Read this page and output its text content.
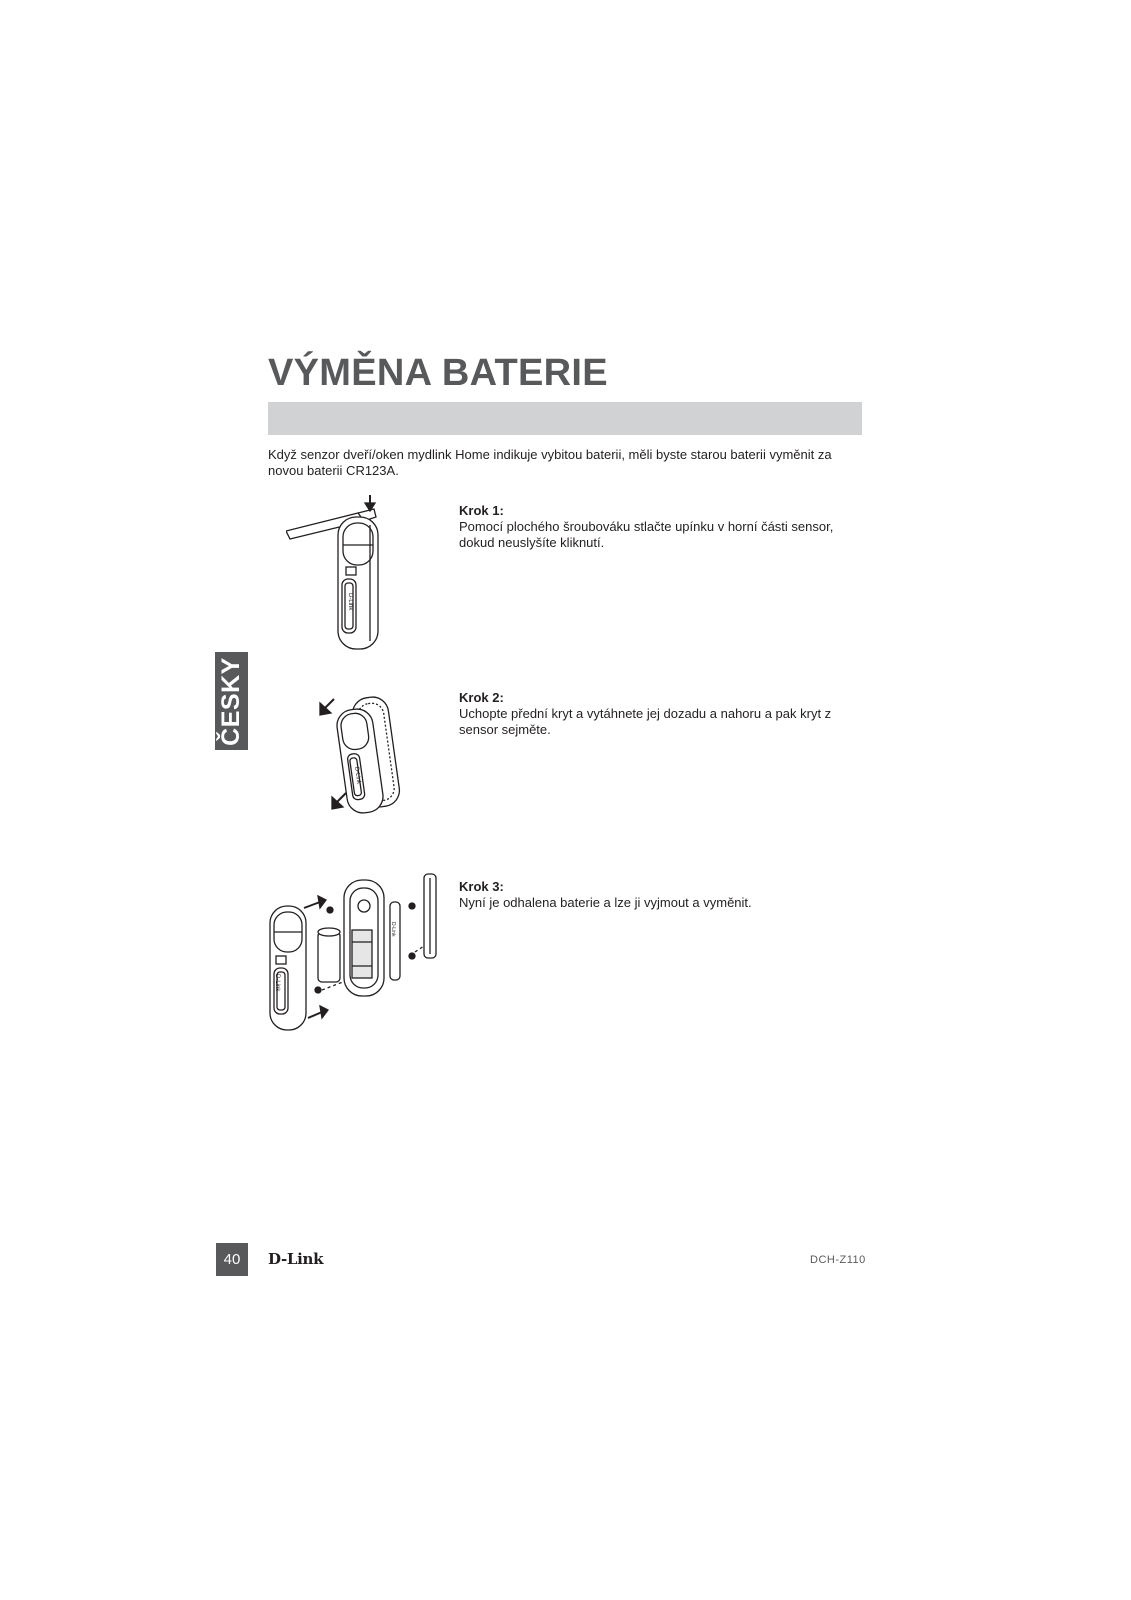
VÝMĚNA BATERIE

Když senzor dveří/oken mydlink Home indikuje vybitou baterii, měli byste starou baterii vyměnit za novou baterii CR123A.

ČESKY
D-Link

Krok 1:

Pomocí plochého šroubováku stlačte upínku v horní části sensor, dokud neuslyšíte kliknutí.

D-Link

Krok 2:

Uchopte přední kryt a vytáhnete jej dozadu a nahoru a pak kryt z sensor sejměte.

D-Link
D-Link

Krok 3:

Nyní je odhalena baterie a lze ji vyjmout a vyměnit.

40	D-Link	DCH-Z110
